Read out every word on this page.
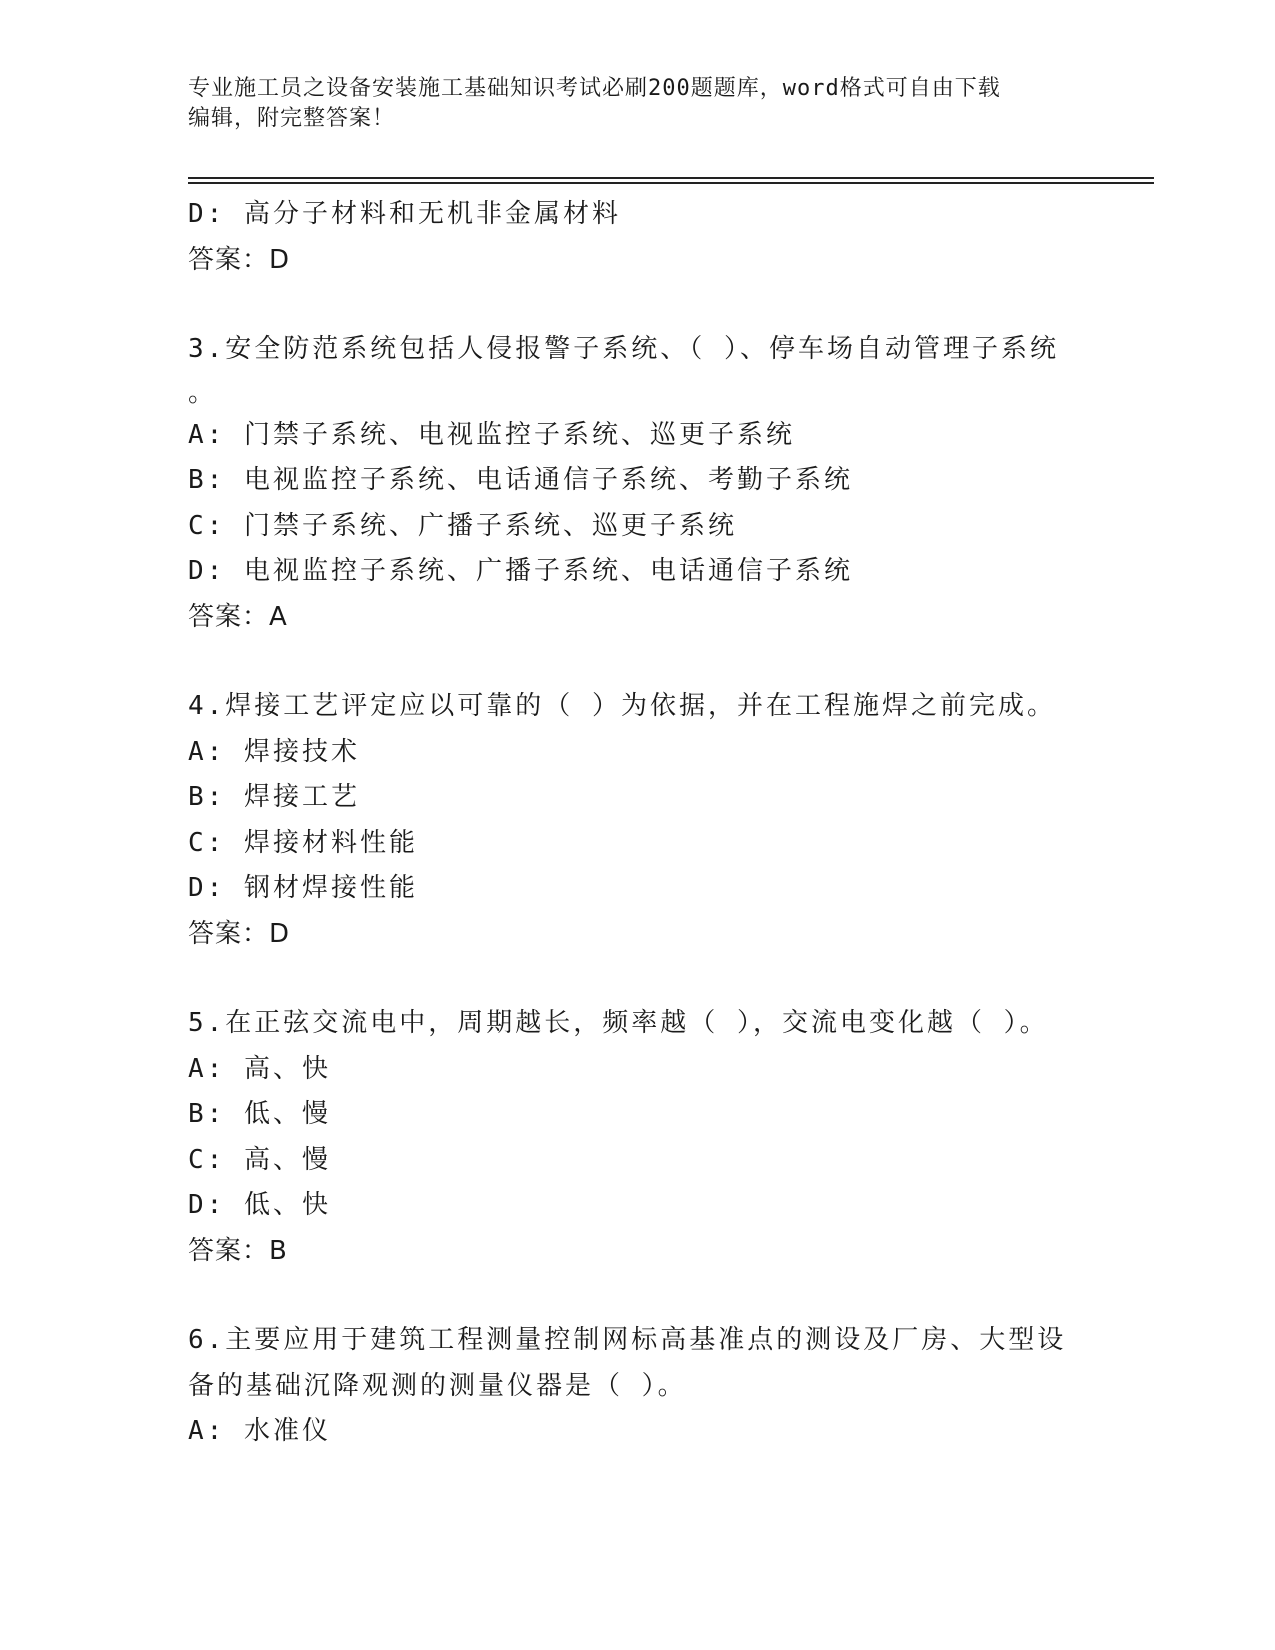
专业施工员之设备安装施工基础知识考试必刷200题题库，word格式可自由下载
编辑，附完整答案！
D: 高分子材料和无机非金属材料
答案：D
3.安全防范系统包括人侵报警子系统、（ ）、停车场自动管理子系统
。
A: 门禁子系统、电视监控子系统、巡更子系统
B: 电视监控子系统、电话通信子系统、考勤子系统
C: 门禁子系统、广播子系统、巡更子系统
D: 电视监控子系统、广播子系统、电话通信子系统
答案：A
4.焊接工艺评定应以可靠的（ ）为依据，并在工程施焊之前完成。
A: 焊接技术
B: 焊接工艺
C: 焊接材料性能
D: 钢材焊接性能
答案：D
5.在正弦交流电中，周期越长，频率越（ ），交流电变化越（ ）。
A: 高、快
B: 低、慢
C: 高、慢
D: 低、快
答案：B
6.主要应用于建筑工程测量控制网标高基准点的测设及厂房、大型设
备的基础沉降观测的测量仪器是（ ）。
A: 水准仪
